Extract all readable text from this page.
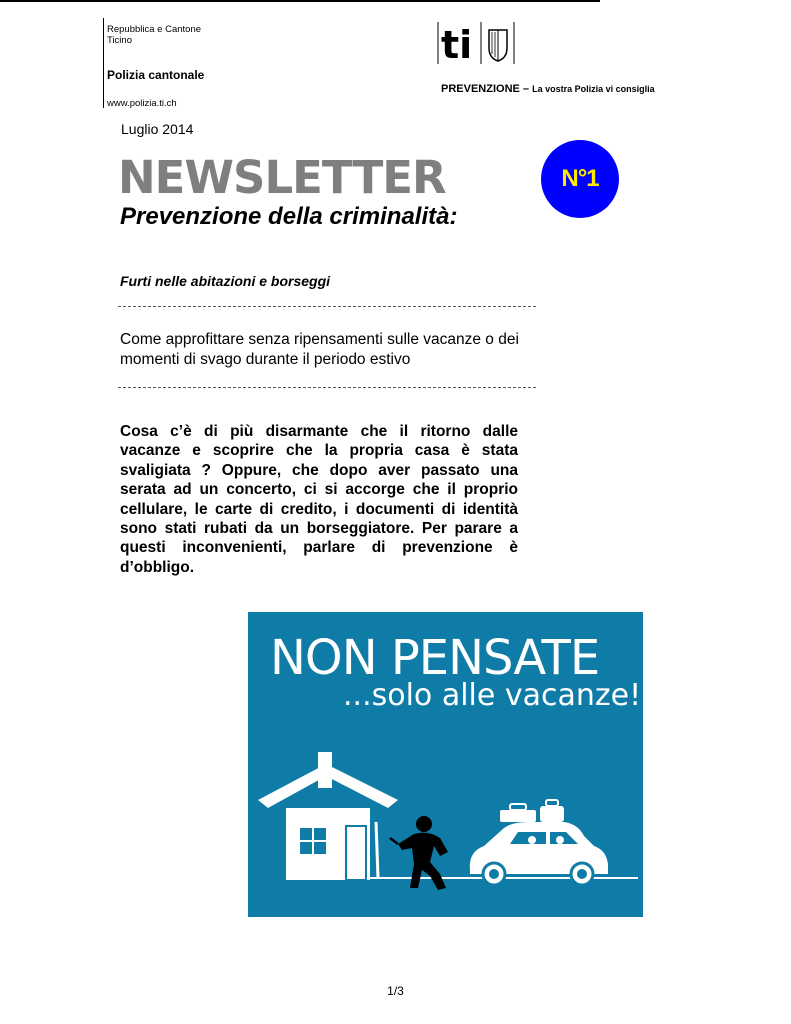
Repubblica e Cantone
Ticino	ti
Polizia cantonale
PREVENZIONE – La vostra Polizia vi consiglia
www.polizia.ti.ch
Luglio 2014
NEWSLETTER
Prevenzione della criminalità:
N°1
Furti nelle abitazioni e borseggi
Come approfittare senza ripensamenti sulle vacanze o dei momenti di svago durante il periodo estivo
Cosa c’è di più disarmante che il ritorno dalle vacanze e scoprire che la propria casa è stata svaligiata ? Oppure, che dopo aver passato una serata ad un concerto, ci si accorge che il proprio cellulare, le carte di credito, i documenti di identità sono stati rubati da un borseggiatore. Per parare a questi inconvenienti, parlare di prevenzione è d’obbligo.
NON PENSATE
...solo alle vacanze!
1/3
